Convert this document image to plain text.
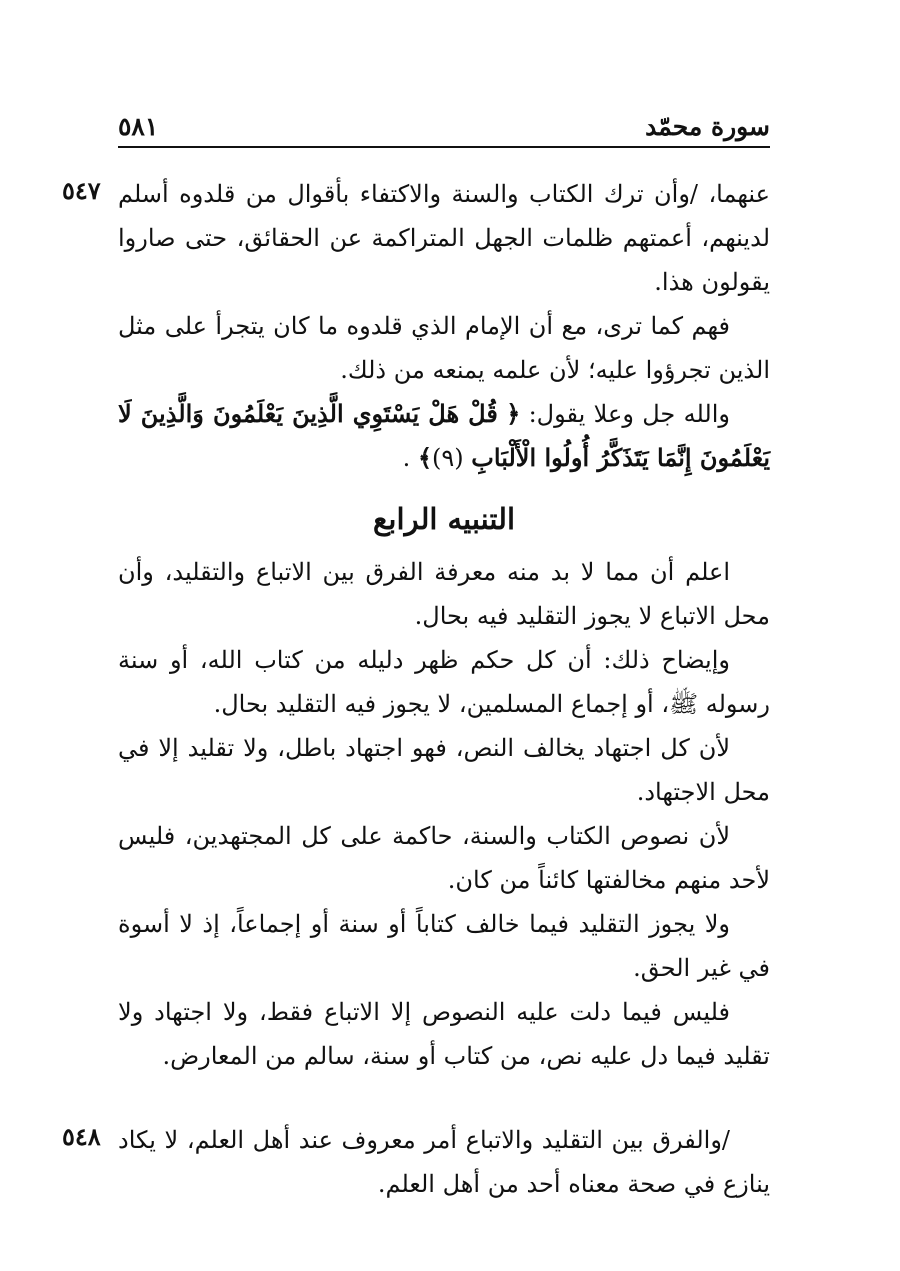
سورة محمّد
٥٨١
٥٤٧ عنهما، /وأن ترك الكتاب والسنة والاكتفاء بأقوال من قلدوه أسلم لدينهم، أعمتهم ظلمات الجهل المتراكمة عن الحقائق، حتى صاروا يقولون هذا.
فهم كما ترى، مع أن الإمام الذي قلدوه ما كان يتجرأ على مثل الذين تجرؤوا عليه؛ لأن علمه يمنعه من ذلك.
والله جل وعلا يقول: ﴿ قُلْ هَلْ يَسْتَوِي الَّذِينَ يَعْلَمُونَ وَالَّذِينَ لَا يَعْلَمُونَ إِنَّمَا يَتَذَكَّرُ أُولُوا الْأَلْبَابِ (٩)﴾ .
التنبيه الرابع
اعلم أن مما لا بد منه معرفة الفرق بين الاتباع والتقليد، وأن محل الاتباع لا يجوز التقليد فيه بحال.
وإيضاح ذلك: أن كل حكم ظهر دليله من كتاب الله، أو سنة رسوله ﷺ، أو إجماع المسلمين، لا يجوز فيه التقليد بحال.
لأن كل اجتهاد يخالف النص، فهو اجتهاد باطل، ولا تقليد إلا في محل الاجتهاد.
لأن نصوص الكتاب والسنة، حاكمة على كل المجتهدين، فليس لأحد منهم مخالفتها كائناً من كان.
ولا يجوز التقليد فيما خالف كتاباً أو سنة أو إجماعاً، إذ لا أسوة في غير الحق.
فليس فيما دلت عليه النصوص إلا الاتباع فقط، ولا اجتهاد ولا تقليد فيما دل عليه نص، من كتاب أو سنة، سالم من المعارض.
٥٤٨ /والفرق بين التقليد والاتباع أمر معروف عند أهل العلم، لا يكاد ينازع في صحة معناه أحد من أهل العلم.
